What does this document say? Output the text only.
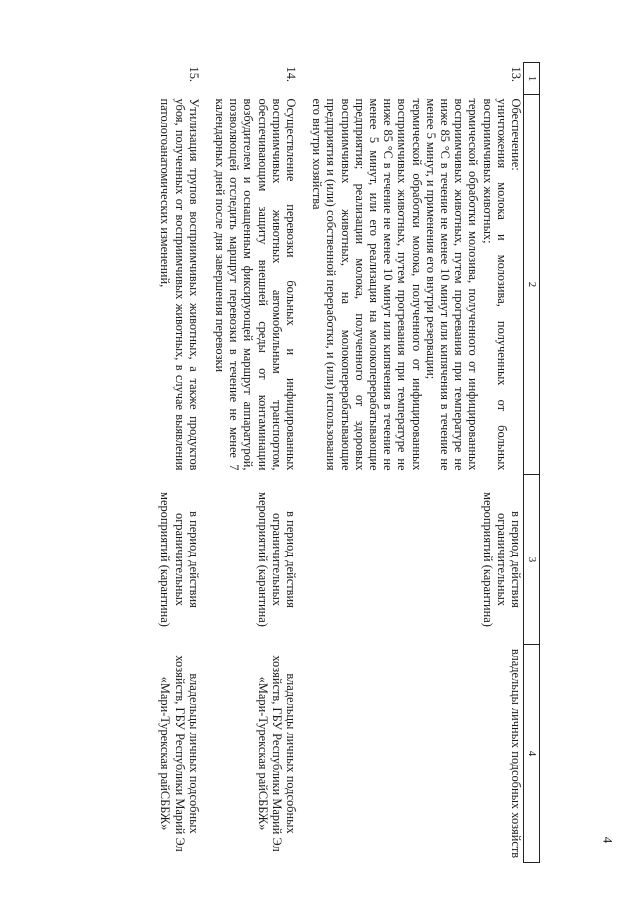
4
1	2	3	4
13.	Обеспечение:

уничтожения молока и молозива, полученных от больных восприимчивых животных;

термической обработки молозива, полученного от инфицированных восприимчивых животных, путем прогревания при температуре не ниже 85 °С в течение не менее 10 минут или кипячения в течение не менее 5 минут, и применения его внутри резервации;

термической обработки молока, полученного от инфицированных восприимчивых животных, путем прогревания при температуре не ниже 85 °С в течение не менее 10 минут или кипячения в течение не менее 5 минут, или его реализация на молокоперерабатывающие предприятия; реализации молока, полученного от здоровых восприимчивых животных, на молокоперерабатывающие предприятия и (или) собственной переработки, и (или) использования его внутри хозяйства	в период действия ограничительных мероприятий (карантина)	владельцы личных подсобных хозяйств
14.	Осуществление перевозки больных и инфицированных восприимчивых животных автомобильным транспортом, обеспечивающим защиту внешней среды от контаминации возбудителем и оснащенным фиксирующей маршрут аппаратурой, позволяющей отследить маршрут перевозки в течение не менее 7 календарных дней после дня завершения перевозки	в период действия ограничительных мероприятий (карантина)	владельцы личных подсобных хозяйств, ГБУ Республики Марий Эл «Мари-Турекская райСББЖ»
15.	Утилизация трупов восприимчивых животных, а также продуктов убоя, полученных от восприимчивых животных, в случае выявления патологоанатомических изменений,	в период действия ограничительных мероприятий (карантина)	владельцы личных подсобных хозяйств, ГБУ Республики Марий Эл «Мари-Турекская райСББЖ»
